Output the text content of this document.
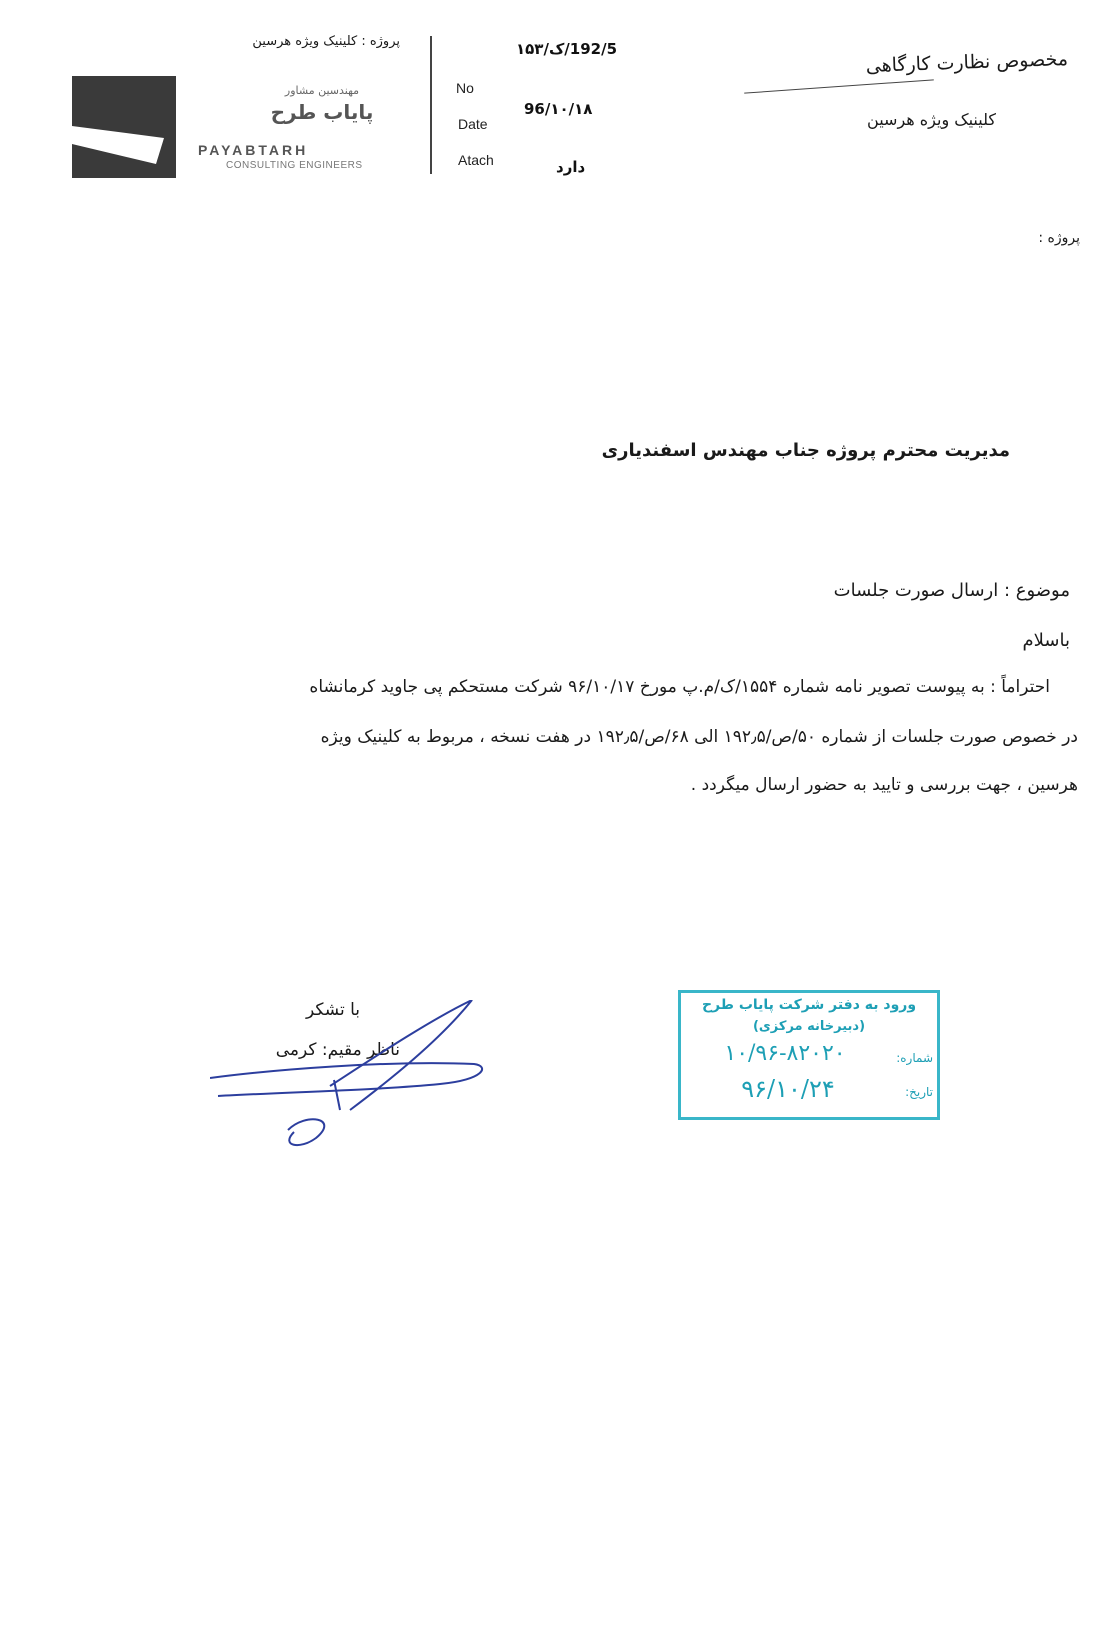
پروژه : کلینیک ویژه هرسین
مهندسین مشاور
پایاب طرح
PAYABTARH
CONSULTING ENGINEERS
No
Date
Atach
192/5/ک/۱۵۳
96/۱۰/۱۸
دارد
مخصوص نظارت کارگاهی
کلینیک ویژه هرسین
پروژه :
مدیریت محترم پروژه جناب مهندس اسفندیاری
موضوع : ارسال صورت جلسات
باسلام
احتراماً : به پیوست تصویر نامه شماره ۱۵۵۴/ک/م.پ مورخ ۹۶/۱۰/۱۷ شرکت مستحکم پی جاوید کرمانشاه
در خصوص صورت جلسات از شماره ۵۰/ص/۱۹۲٫۵ الی ۶۸/ص/۱۹۲٫۵ در هفت نسخه ، مربوط به کلینیک ویژه
هرسین ، جهت بررسی و تایید به حضور ارسال میگردد .
با تشکر
ناظر مقیم: کرمی
ورود به دفتر شرکت پایاب طرح
(دبیرخانه مرکزی)
شماره:
تاریخ:
۱۰/۹۶-۸۲۰۲۰
۹۶/۱۰/۲۴
